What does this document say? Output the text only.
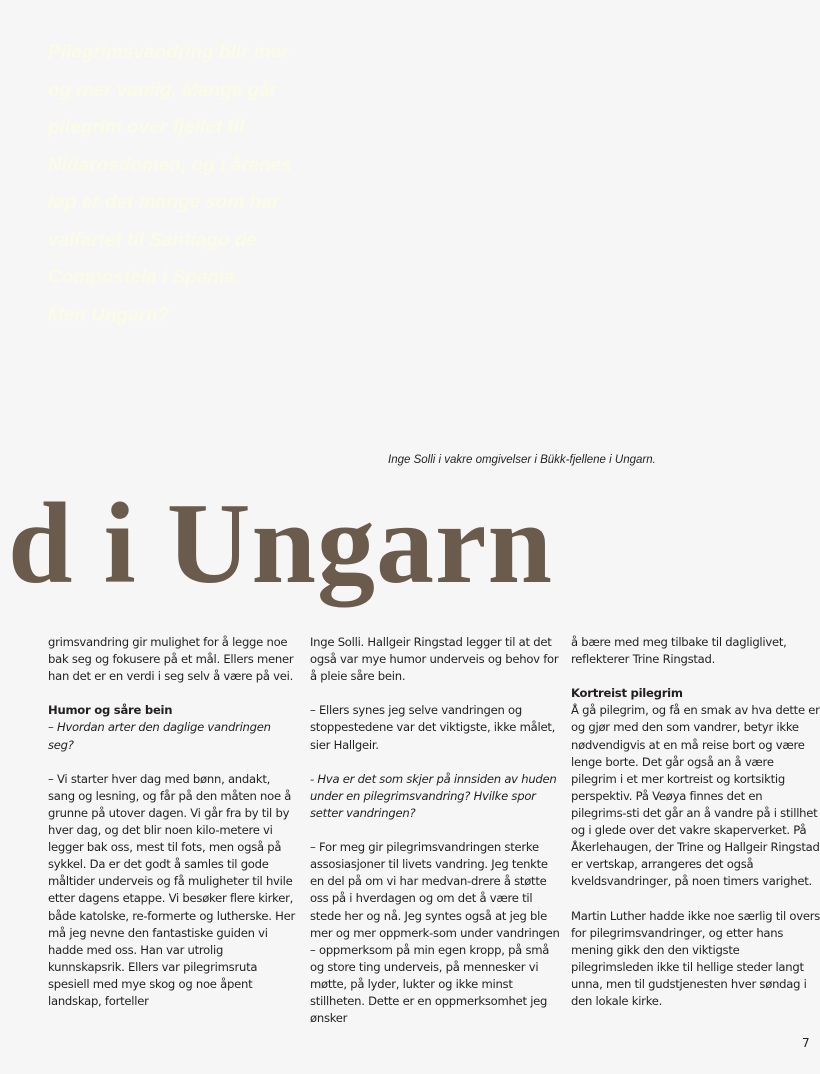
Pilegrimsvandring blir mer
og mer vanlig. Mange går
pilegrim over fjellet til
Nidarosdomen, og i årenes
løp er det mange som har
valfartet til Santiago de
Compostela i Spania.
Men Ungarn?
Inge Solli i vakre omgivelser i Bükk-fjellene i Ungarn.
d i Ungarn

grimsvandring gir mulighet for å legge noe bak seg og fokusere på et mål. Ellers mener han det er en verdi i seg selv å være på vei.

Humor og såre bein
– Hvordan arter den daglige vandringen seg?

– Vi starter hver dag med bønn, andakt, sang og lesning, og får på den måten noe å grunne på utover dagen. Vi går fra by til by hver dag, og det blir noen kilo-metere vi legger bak oss, mest til fots, men også på sykkel. Da er det godt å samles til gode måltider underveis og få muligheter til hvile etter dagens etappe. Vi besøker flere kirker, både katolske, re-formerte og lutherske. Her må jeg nevne den fantastiske guiden vi hadde med oss. Han var utrolig kunnskapsrik. Ellers var pilegrimsruta spesiell med mye skog og noe åpent landskap, forteller

Inge Solli. Hallgeir Ringstad legger til at det også var mye humor underveis og behov for å pleie såre bein.

– Ellers synes jeg selve vandringen og stoppestedene var det viktigste, ikke målet, sier Hallgeir.

- Hva er det som skjer på innsiden av huden under en pilegrimsvandring? Hvilke spor setter vandringen?

– For meg gir pilegrimsvandringen sterke assosiasjoner til livets vandring. Jeg tenkte en del på om vi har medvan-drere å støtte oss på i hverdagen og om det å være til stede her og nå. Jeg syntes også at jeg ble mer og mer oppmerk-som under vandringen – oppmerksom på min egen kropp, på små og store ting underveis, på mennesker vi møtte, på lyder, lukter og ikke minst stillheten. Dette er en oppmerksomhet jeg ønsker

å bære med meg tilbake til dagliglivet, reflekterer Trine Ringstad.

Kortreist pilegrim
Å gå pilegrim, og få en smak av hva dette er og gjør med den som vandrer, betyr ikke nødvendigvis at en må reise bort og være lenge borte. Det går også an å være pilegrim i et mer kortreist og kortsiktig perspektiv. På Veøya finnes det en pilegrims-sti det går an å vandre på i stillhet og i glede over det vakre skaperverket. På Åkerlehaugen, der Trine og Hallgeir Ringstad er vertskap, arrangeres det også kveldsvandringer, på noen timers varighet.

Martin Luther hadde ikke noe særlig til overs for pilegrimsvandringer, og etter hans mening gikk den den viktigste pilegrimsleden ikke til hellige steder langt unna, men til gudstjenesten hver søndag i den lokale kirke.

7
